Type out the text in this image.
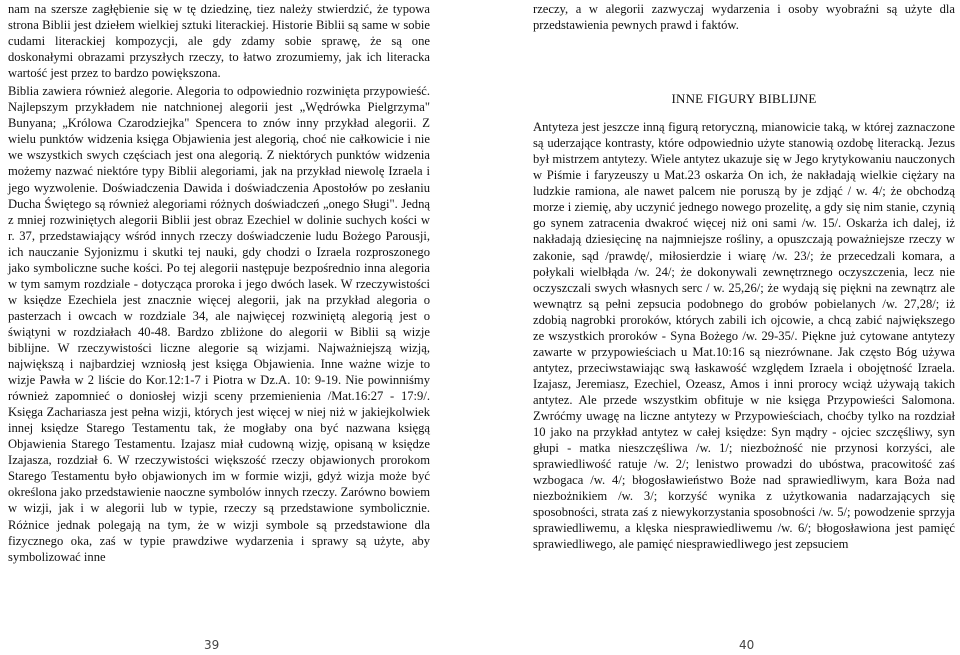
nam na szersze zagłębienie się w tę dziedzinę, tiez należy stwierdzić, że typowa strona Biblii jest dziełem wielkiej sztuki literackiej. Historie Biblii są same w sobie cudami literackiej kompozycji, ale gdy zdamy sobie sprawę, że są one doskonałymi obrazami przyszłych rzeczy, to łatwo zrozumiemy, jak ich literacka wartość jest przez to bardzo powiększona.

Biblia zawiera również alegorie. Alegoria to odpowiednio rozwinięta przypowieść. Najlepszym przykładem nie natchnionej alegorii jest „Wędrówka Pielgrzyma" Bunyana; „Królowa Czarodziejka" Spencera to znów inny przykład alegorii. Z wielu punktów widzenia księga Objawienia jest alegorią, choć nie całkowicie i nie we wszystkich swych częściach jest ona alegorią. Z niektórych punktów widzenia możemy nazwać niektóre typy Biblii alegoriami, jak na przykład niewolę Izraela i jego wyzwolenie. Doświadczenia Dawida i doświadczenia Apostołów po zesłaniu Ducha Świętego są również alegoriami różnych doświadczeń „onego Sługi". Jedną z mniej rozwiniętych alegorii Biblii jest obraz Ezechiel w dolinie suchych kości w r. 37, przedstawiający wśród innych rzeczy doświadczenie ludu Bożego Parousji, ich nauczanie Syjonizmu i skutki tej nauki, gdy chodzi o Izraela rozproszonego jako symboliczne suche kości. Po tej alegorii następuje bezpośrednio inna alegoria w tym samym rozdziale - dotycząca proroka i jego dwóch lasek. W rzeczywistości w księdze Ezechiela jest znacznie więcej alegorii, jak na przykład alegoria o pasterzach i owcach w rozdziale 34, ale najwięcej rozwiniętą alegorią jest o świątyni w rozdziałach 40-48. Bardzo zbliżone do alegorii w Biblii są wizje biblijne. W rzeczywistości liczne alegorie są wizjami. Najważniejszą wizją, największą i najbardziej wzniosłą jest księga Objawienia. Inne ważne wizje to wizje Pawła w 2 liście do Kor.12:1-7 i Piotra w Dz.A. 10: 9-19. Nie powinniśmy również zapomnieć o doniosłej wizji sceny przemienienia /Mat.16:27 - 17:9/. Księga Zachariasza jest pełna wizji, których jest więcej w niej niż w jakiejkolwiek innej księdze Starego Testamentu tak, że mogłaby ona być nazwana księgą Objawienia Starego Testamentu. Izajasz miał cudowną wizję, opisaną w księdze Izajasza, rozdział 6. W rzeczywistości większość rzeczy objawionych prorokom Starego Testamentu było objawionych im w formie wizji, gdyż wizja może być określona jako przedstawienie naoczne symbolów innych rzeczy. Zarówno bowiem w wizji, jak i w alegorii lub w typie, rzeczy są przedstawione symbolicznie. Różnice jednak polegają na tym, że w wizji symbole są przedstawione dla fizycznego oka, zaś w typie prawdziwe wydarzenia i sprawy są użyte, aby symbolizować inne

rzeczy, a w alegorii zazwyczaj wydarzenia i osoby wyobraźni są użyte dla przedstawienia pewnych prawd i faktów.

INNE FIGURY BIBLIJNE

Antyteza jest jeszcze inną figurą retoryczną, mianowicie taką, w której zaznaczone są uderzające kontrasty, które odpowiednio użyte stanowią ozdobę literacką. Jezus był mistrzem antytezy. Wiele antytez ukazuje się w Jego krytykowaniu nauczonych w Piśmie i faryzeuszy u Mat.23 oskarża On ich, że nakładają wielkie ciężary na ludzkie ramiona, ale nawet palcem nie poruszą by je zdjąć / w. 4/; że obchodzą morze i ziemię, aby uczynić jednego nowego prozelitę, a gdy się nim stanie, czynią go synem zatracenia dwakroć więcej niż oni sami /w. 15/. Oskarża ich dalej, iż nakładają dziesięcinę na najmniejsze rośliny, a opuszczają poważniejsze rzeczy w zakonie, sąd /prawdę/, miłosierdzie i wiarę /w. 23/; że przecedzali komara, a połykali wielbłąda /w. 24/; że dokonywali zewnętrznego oczyszczenia, lecz nie oczyszczali swych własnych serc / w. 25,26/; że wydają się piękni na zewnątrz ale wewnątrz są pełni zepsucia podobnego do grobów pobielanych /w. 27,28/; iż zdobią nagrobki proroków, których zabili ich ojcowie, a chcą zabić największego ze wszystkich proroków - Syna Bożego /w. 29-35/. Piękne już cytowane antytezy zawarte w przypowieściach u Mat.10:16 są niezrównane. Jak często Bóg używa antytez, przeciwstawiając swą łaskawość względem Izraela i obojętność Izraela. Izajasz, Jeremiasz, Ezechiel, Ozeasz, Amos i inni prorocy wciąż używają takich antytez. Ale przede wszystkim obfituje w nie księga Przypowieści Salomona. Zwróćmy uwagę na liczne antytezy w Przypowieściach, choćby tylko na rozdział 10 jako na przykład antytez w całej księdze: Syn mądry - ojciec szczęśliwy, syn głupi - matka nieszczęśliwa /w. 1/; niezbożność nie przynosi korzyści, ale sprawiedliwość ratuje /w. 2/; lenistwo prowadzi do ubóstwa, pracowitość zaś wzbogaca /w. 4/; błogosławieństwo Boże nad sprawiedliwym, kara Boża nad niezbożnikiem /w. 3/; korzyść wynika z użytkowania nadarzających się sposobności, strata zaś z niewykorzystania sposobności /w. 5/; powodzenie sprzyja sprawiedliwemu, a klęska niesprawiedliwemu /w. 6/; błogosławiona jest pamięć sprawiedliwego, ale pamięć niesprawiedliwego jest zepsuciem

39	40
